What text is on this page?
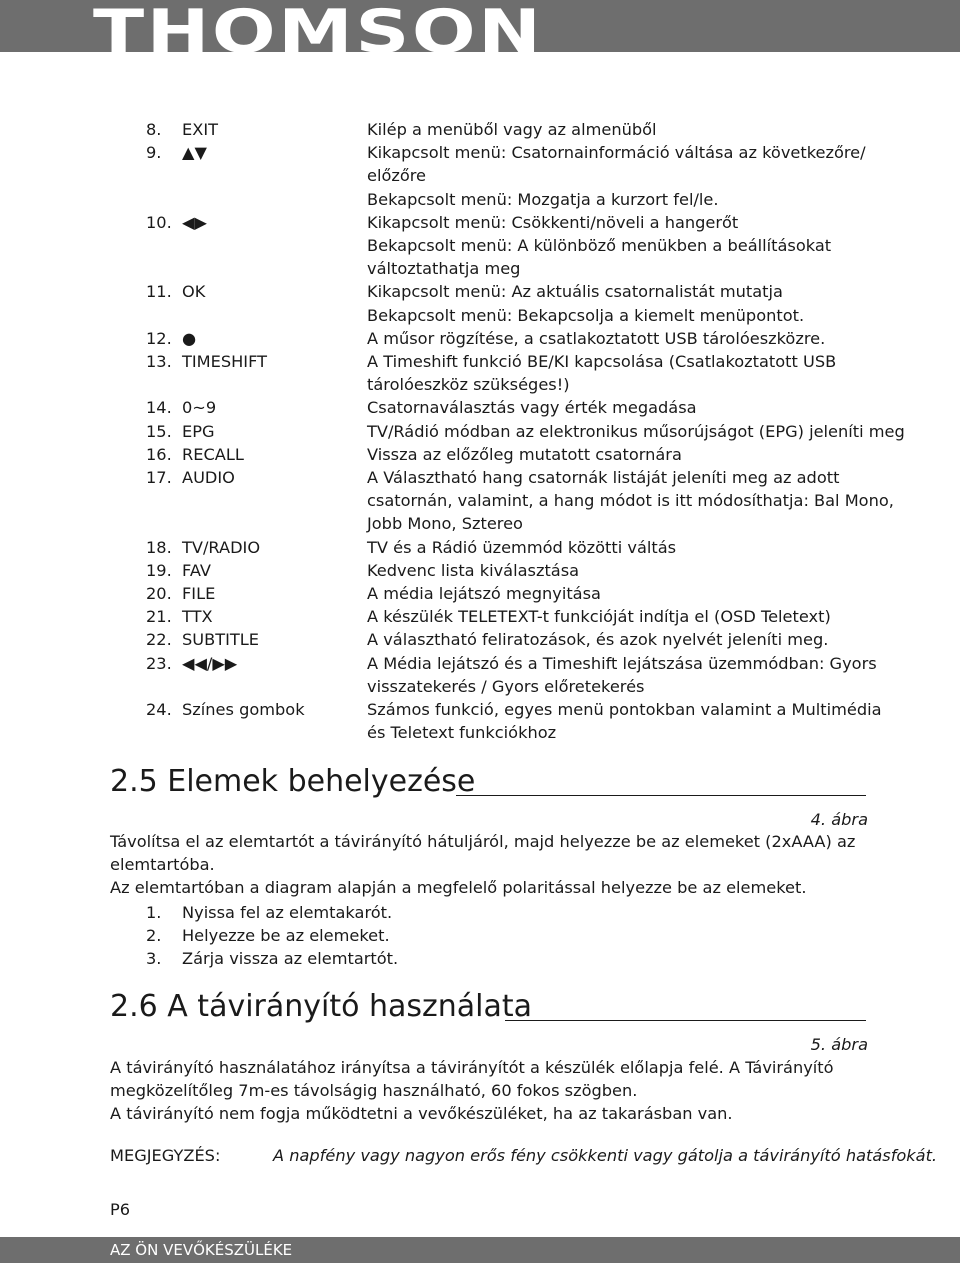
THOMSON
8.	EXIT	Kilép a menüből vagy az almenüből
9.	▲▼	Kikapcsolt menü: Csatornainformáció váltása az következőre/
előzőre
Bekapcsolt menü: Mozgatja a kurzort fel/le.
10. ◀▶	Kikapcsolt menü: Csökkenti/növeli a hangerőt
Bekapcsolt menü: A különböző menükben a beállításokat
változtathatja meg
11. OK	Kikapcsolt menü: Az aktuális csatornalistát mutatja
Bekapcsolt menü: Bekapcsolja a kiemelt menüpontot.
12. ●	A műsor rögzítése, a csatlakoztatott USB tárolóeszközre.
13. TIMESHIFT	A Timeshift funkció BE/KI kapcsolása (Csatlakoztatott USB
tárolóeszköz szükséges!)
14. 0~9	Csatornaválasztás vagy érték megadása
15. EPG	TV/Rádió módban az elektronikus műsorújságot (EPG) jeleníti meg
16. RECALL	Vissza az előzőleg mutatott csatornára
17. AUDIO	A Választható hang csatornák listáját jeleníti meg az adott
csatornán, valamint, a hang módot is itt módosíthatja: Bal Mono,
Jobb Mono, Sztereo
18. TV/RADIO	TV és a Rádió üzemmód közötti váltás
19. FAV	Kedvenc lista kiválasztása
20. FILE	A média lejátszó megnyitása
21. TTX	A készülék TELETEXT-t funkcióját indítja el (OSD Teletext)
22. SUBTITLE	A választható feliratozások, és azok nyelvét jeleníti meg.
23. ◀◀/▶▶	A Média lejátszó és a Timeshift lejátszása üzemmódban: Gyors
visszatekerés / Gyors előretekerés
24. Színes gombok	Számos funkció, egyes menü pontokban valamint a Multimédia
és Teletext funkciókhoz
2.5 Elemek behelyezése
4. ábra
Távolítsa el az elemtartót a távirányító hátuljáról, majd helyezze be az elemeket (2xAAA) az
elemtartóba.
Az elemtartóban a diagram alapján a megfelelő polaritással helyezze be az elemeket.
1.	Nyissa fel az elemtakarót.
2.	Helyezze be az elemeket.
3.	Zárja vissza az elemtartót.
2.6 A távirányító használata
5. ábra
A távirányító használatához irányítsa a távirányítót a készülék előlapja felé. A Távirányító
megközelítőleg 7m-es távolságig használható, 60 fokos szögben.
A távirányító nem fogja működtetni a vevőkészüléket, ha az takarásban van.
MEGJEGYZÉS:	A napfény vagy nagyon erős fény csökkenti vagy gátolja a távirányító hatásfokát.
P6
AZ ÖN VEVŐKÉSZÜLÉKE
